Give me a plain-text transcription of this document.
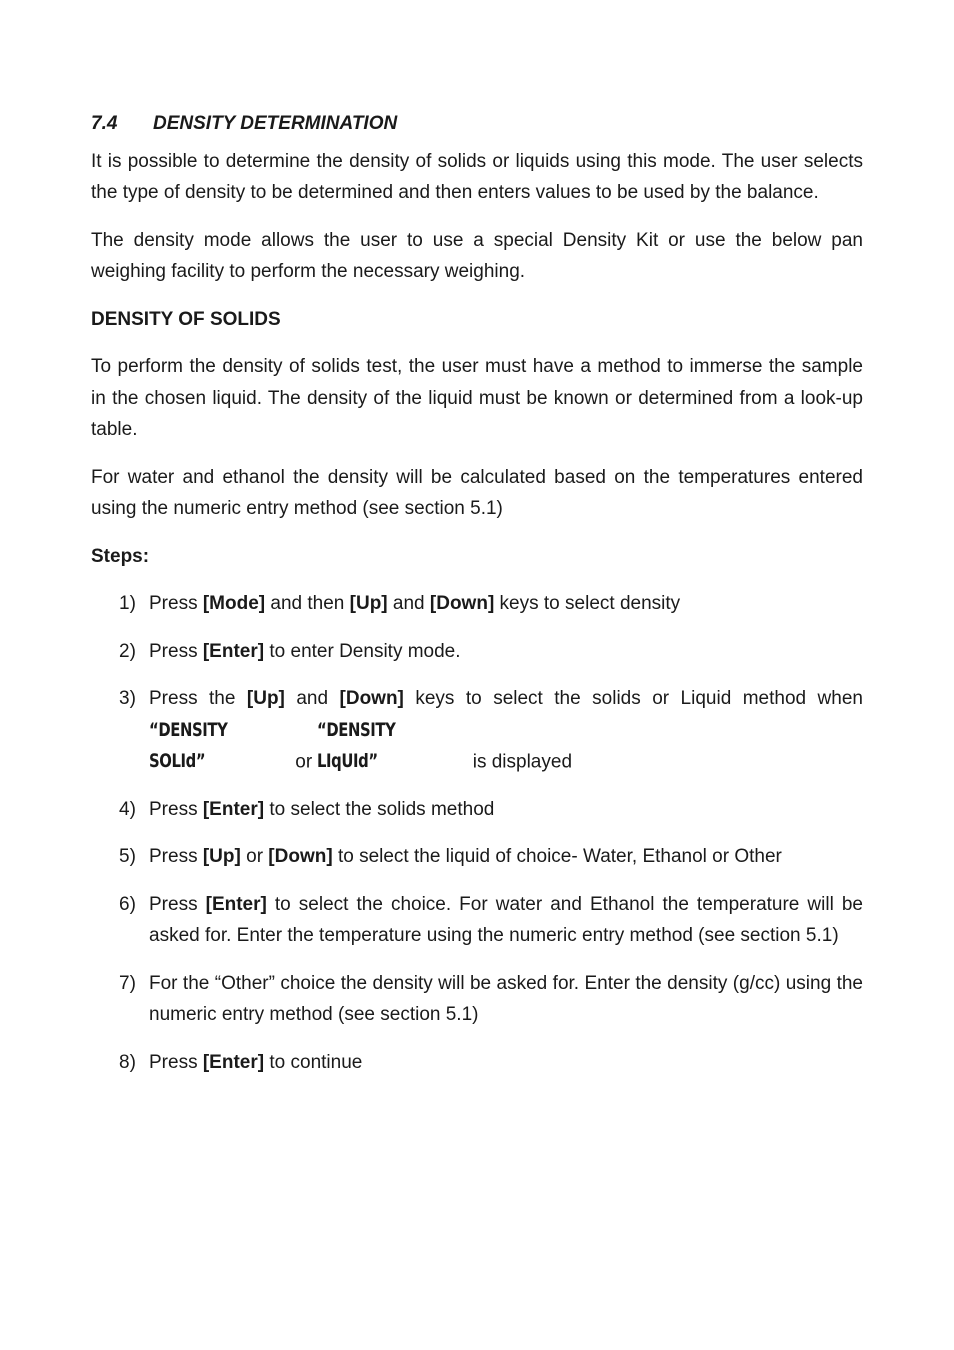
7.4 DENSITY DETERMINATION

It is possible to determine the density of solids or liquids using this mode. The user selects the type of density to be determined and then enters values to be used by the balance.

The density mode allows the user to use a special Density Kit or use the below pan weighing facility to perform the necessary weighing.

DENSITY OF SOLIDS

To perform the density of solids test, the user must have a method to immerse the sample in the chosen liquid. The density of the liquid must be known or determined from a look-up table.

For water and ethanol the density will be calculated based on the temperatures entered using the numeric entry method (see section 5.1)

Steps:
1) Press [Mode] and then [Up] and [Down] keys to select density
2) Press [Enter] to enter Density mode.
3) Press the [Up] and [Down] keys to select the solids or Liquid method when “DENSITY SOLId”	or “DENSITY LIqUId”	is displayed
4) Press [Enter] to select the solids method
5) Press [Up] or [Down] to select the liquid of choice- Water, Ethanol or Other
6) Press [Enter] to select the choice. For water and Ethanol the temperature will be asked for. Enter the temperature using the numeric entry method (see section 5.1)
7) For the “Other” choice the density will be asked for. Enter the density (g/cc) using the numeric entry method (see section 5.1)
8) Press [Enter] to continue
